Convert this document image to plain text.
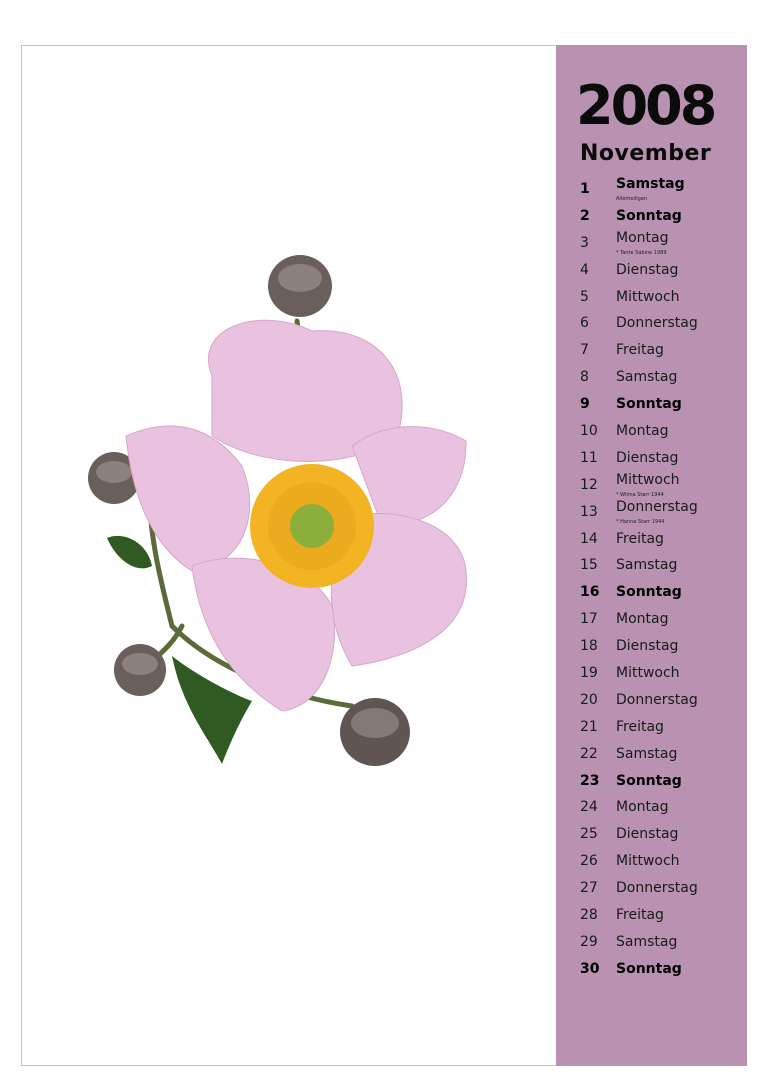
2008
November
1 Samstag
Allerheiligen
2 Sonntag
3 Montag
* Tante Sabine 1989
4 Dienstag
5 Mittwoch
6 Donnerstag
7 Freitag
8 Samstag
9 Sonntag
10 Montag
11 Dienstag
12 Mittwoch
* Wilma Starr 1944
13 Donnerstag
* Hanna Starr 1944
14 Freitag
15 Samstag
16 Sonntag
17 Montag
18 Dienstag
19 Mittwoch
20 Donnerstag
21 Freitag
22 Samstag
23 Sonntag
24 Montag
25 Dienstag
26 Mittwoch
27 Donnerstag
28 Freitag
29 Samstag
30 Sonntag
